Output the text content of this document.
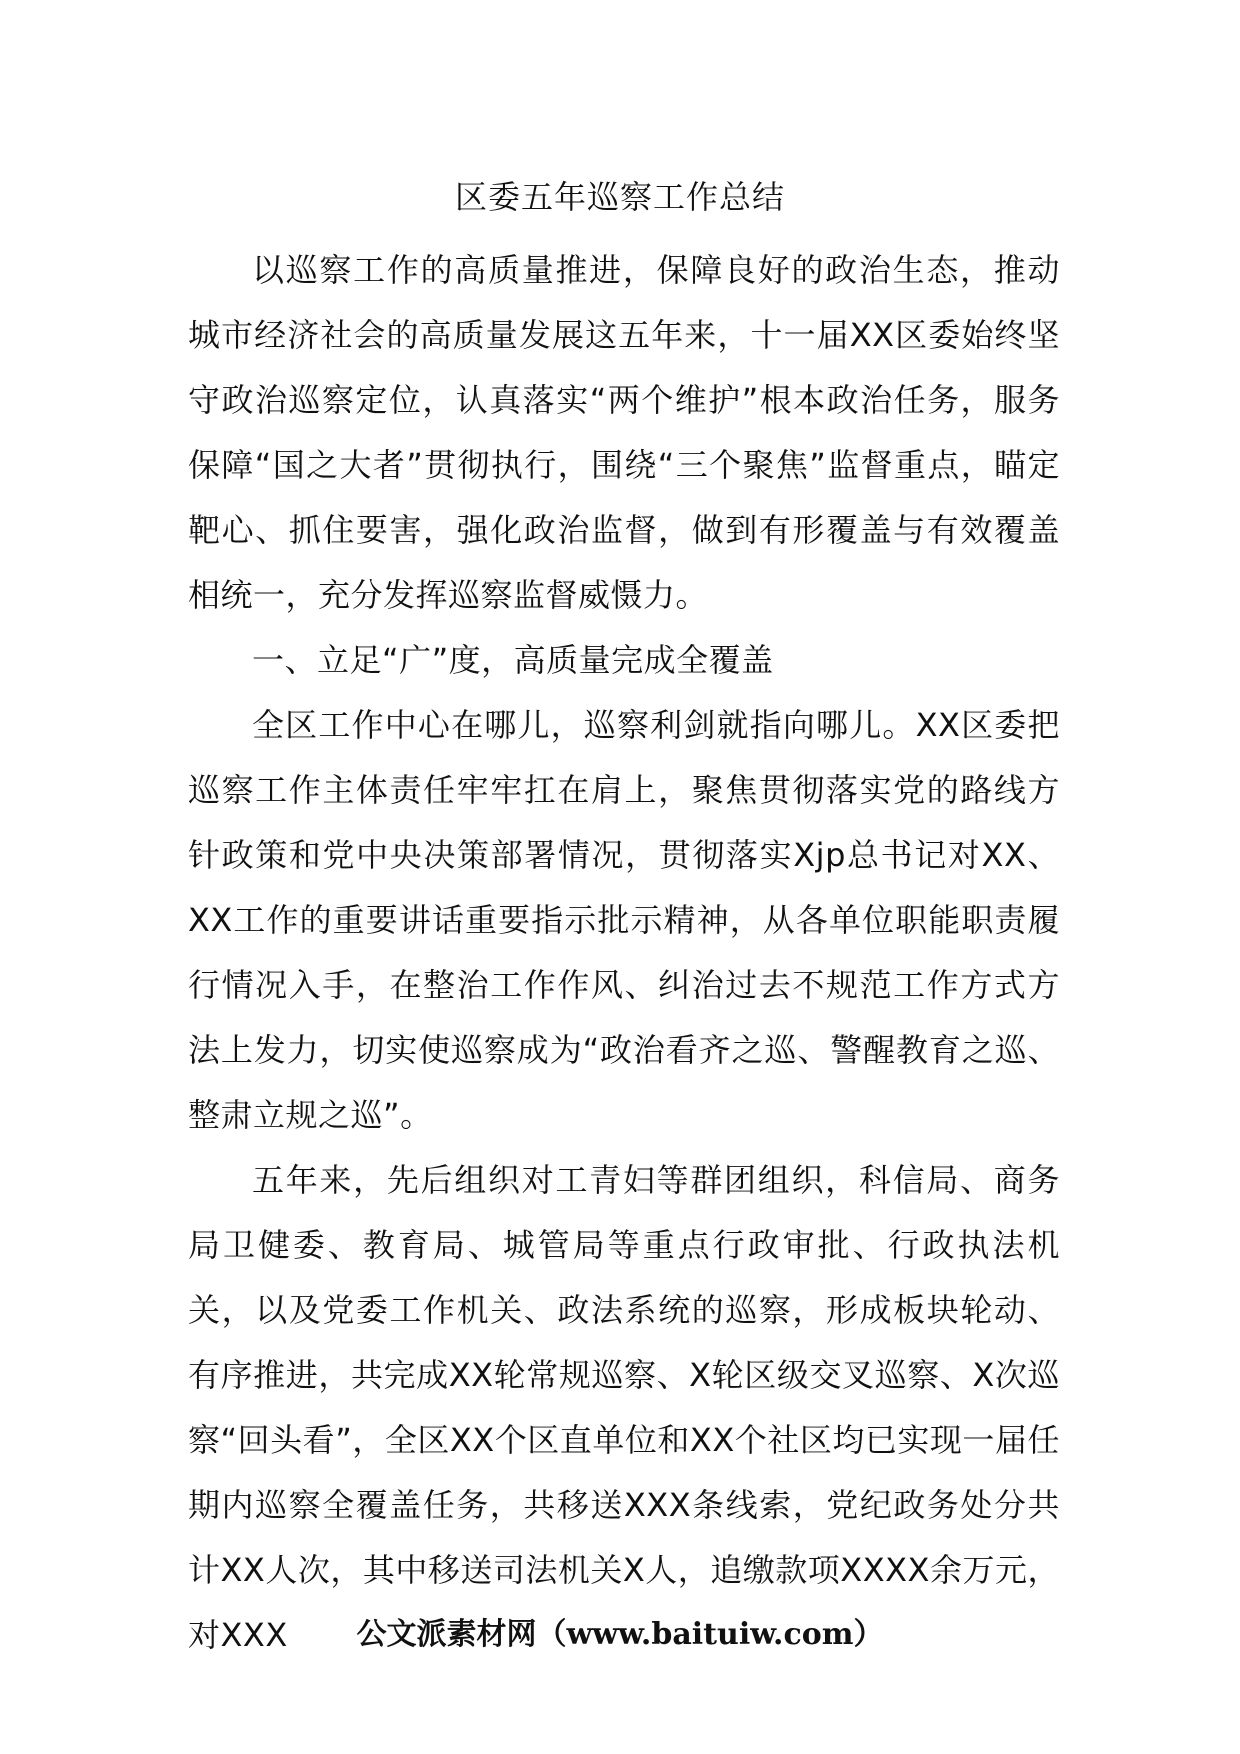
区委五年巡察工作总结

以巡察工作的高质量推进，保障良好的政治生态，推动城市经济社会的高质量发展这五年来，十一届XX区委始终坚守政治巡察定位，认真落实“两个维护”根本政治任务，服务保障“国之大者”贯彻执行，围绕“三个聚焦”监督重点，瞄定靶心、抓住要害，强化政治监督，做到有形覆盖与有效覆盖相统一，充分发挥巡察监督威慑力。

一、立足“广”度，高质量完成全覆盖

全区工作中心在哪儿，巡察利剑就指向哪儿。XX区委把巡察工作主体责任牢牢扛在肩上，聚焦贯彻落实党的路线方针政策和党中央决策部署情况，贯彻落实Xjp总书记对XX、XX工作的重要讲话重要指示批示精神，从各单位职能职责履行情况入手，在整治工作作风、纠治过去不规范工作方式方法上发力，切实使巡察成为“政治看齐之巡、警醒教育之巡、整肃立规之巡”。

五年来，先后组织对工青妇等群团组织，科信局、商务局卫健委、教育局、城管局等重点行政审批、行政执法机关，以及党委工作机关、政法系统的巡察，形成板块轮动、有序推进，共完成XX轮常规巡察、X轮区级交叉巡察、X次巡察“回头看”，全区XX个区直单位和XX个社区均已实现一届任期内巡察全覆盖任务，共移送XXX条线索，党纪政务处分共计XX人次，其中移送司法机关X人，追缴款项XXXX余万元，对XXX	公文派素材网（www.baituiw.com）
